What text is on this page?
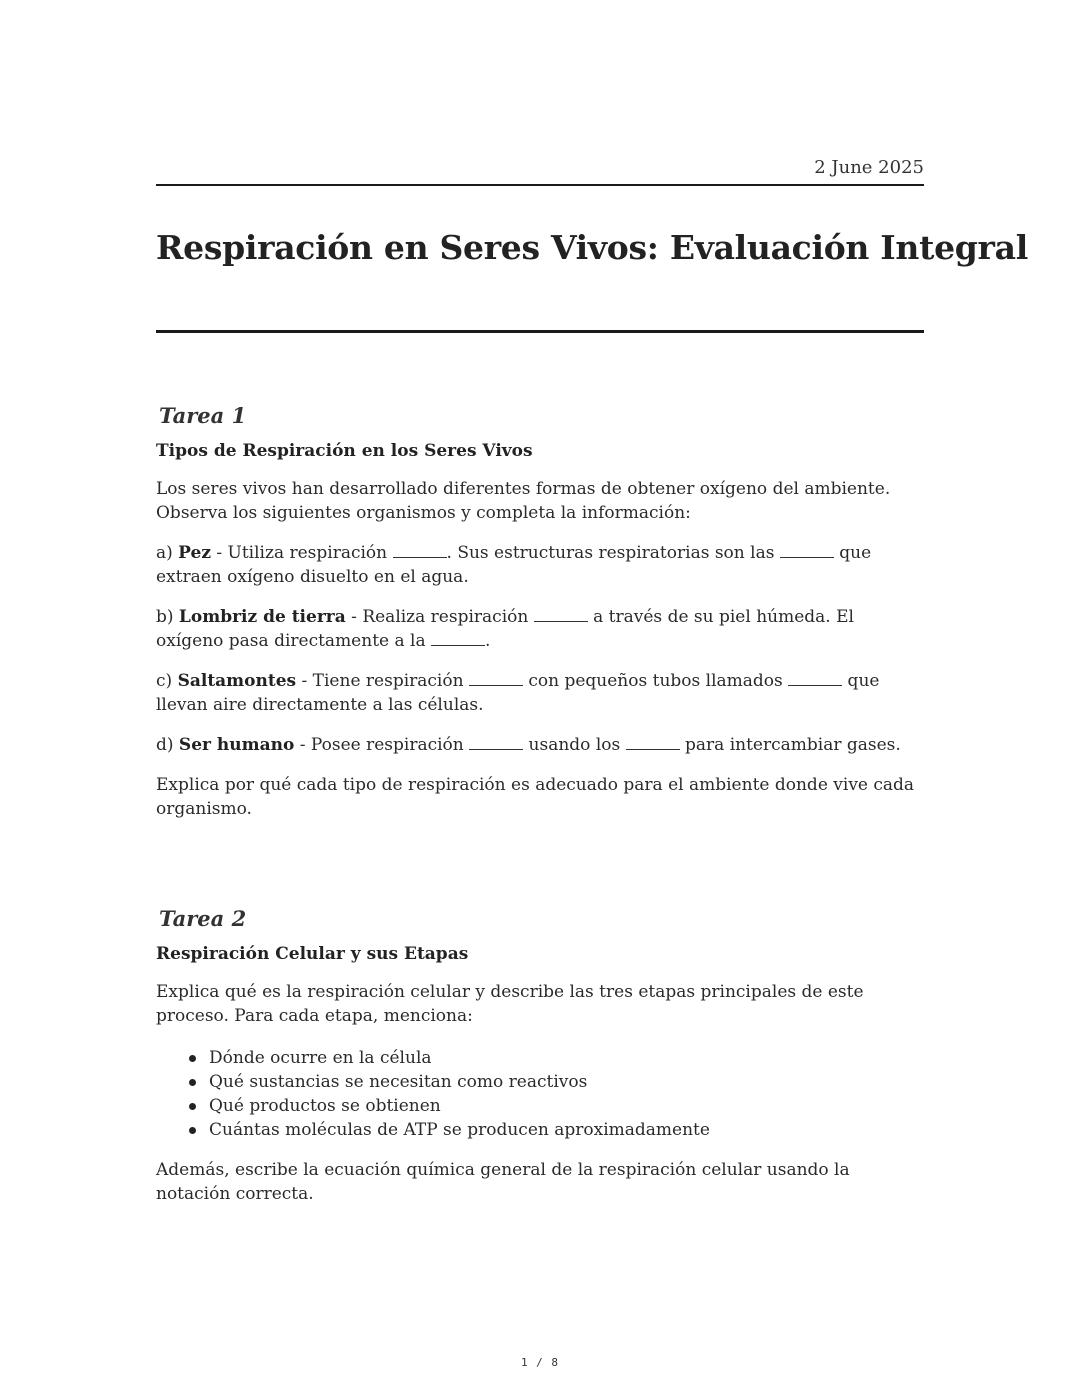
2 June 2025
Respiración en Seres Vivos: Evaluación Integral
Tarea 1
Tipos de Respiración en los Seres Vivos

Los seres vivos han desarrollado diferentes formas de obtener oxígeno del ambiente. Observa los siguientes organismos y completa la información:

a) Pez - Utiliza respiración	. Sus estructuras respiratorias son las	que extraen oxígeno disuelto en el agua.

b) Lombriz de tierra - Realiza respiración	a través de su piel húmeda. El oxígeno pasa directamente a la	.

c) Saltamontes - Tiene respiración	con pequeños tubos llamados	que llevan aire directamente a las células.

d) Ser humano - Posee respiración	usando los	para intercambiar gases.

Explica por qué cada tipo de respiración es adecuado para el ambiente donde vive cada organismo.

Tarea 2
Respiración Celular y sus Etapas

Explica qué es la respiración celular y describe las tres etapas principales de este proceso. Para cada etapa, menciona:

Dónde ocurre en la célula
Qué sustancias se necesitan como reactivos
Qué productos se obtienen
Cuántas moléculas de ATP se producen aproximadamente

Además, escribe la ecuación química general de la respiración celular usando la notación correcta.

1 / 8
